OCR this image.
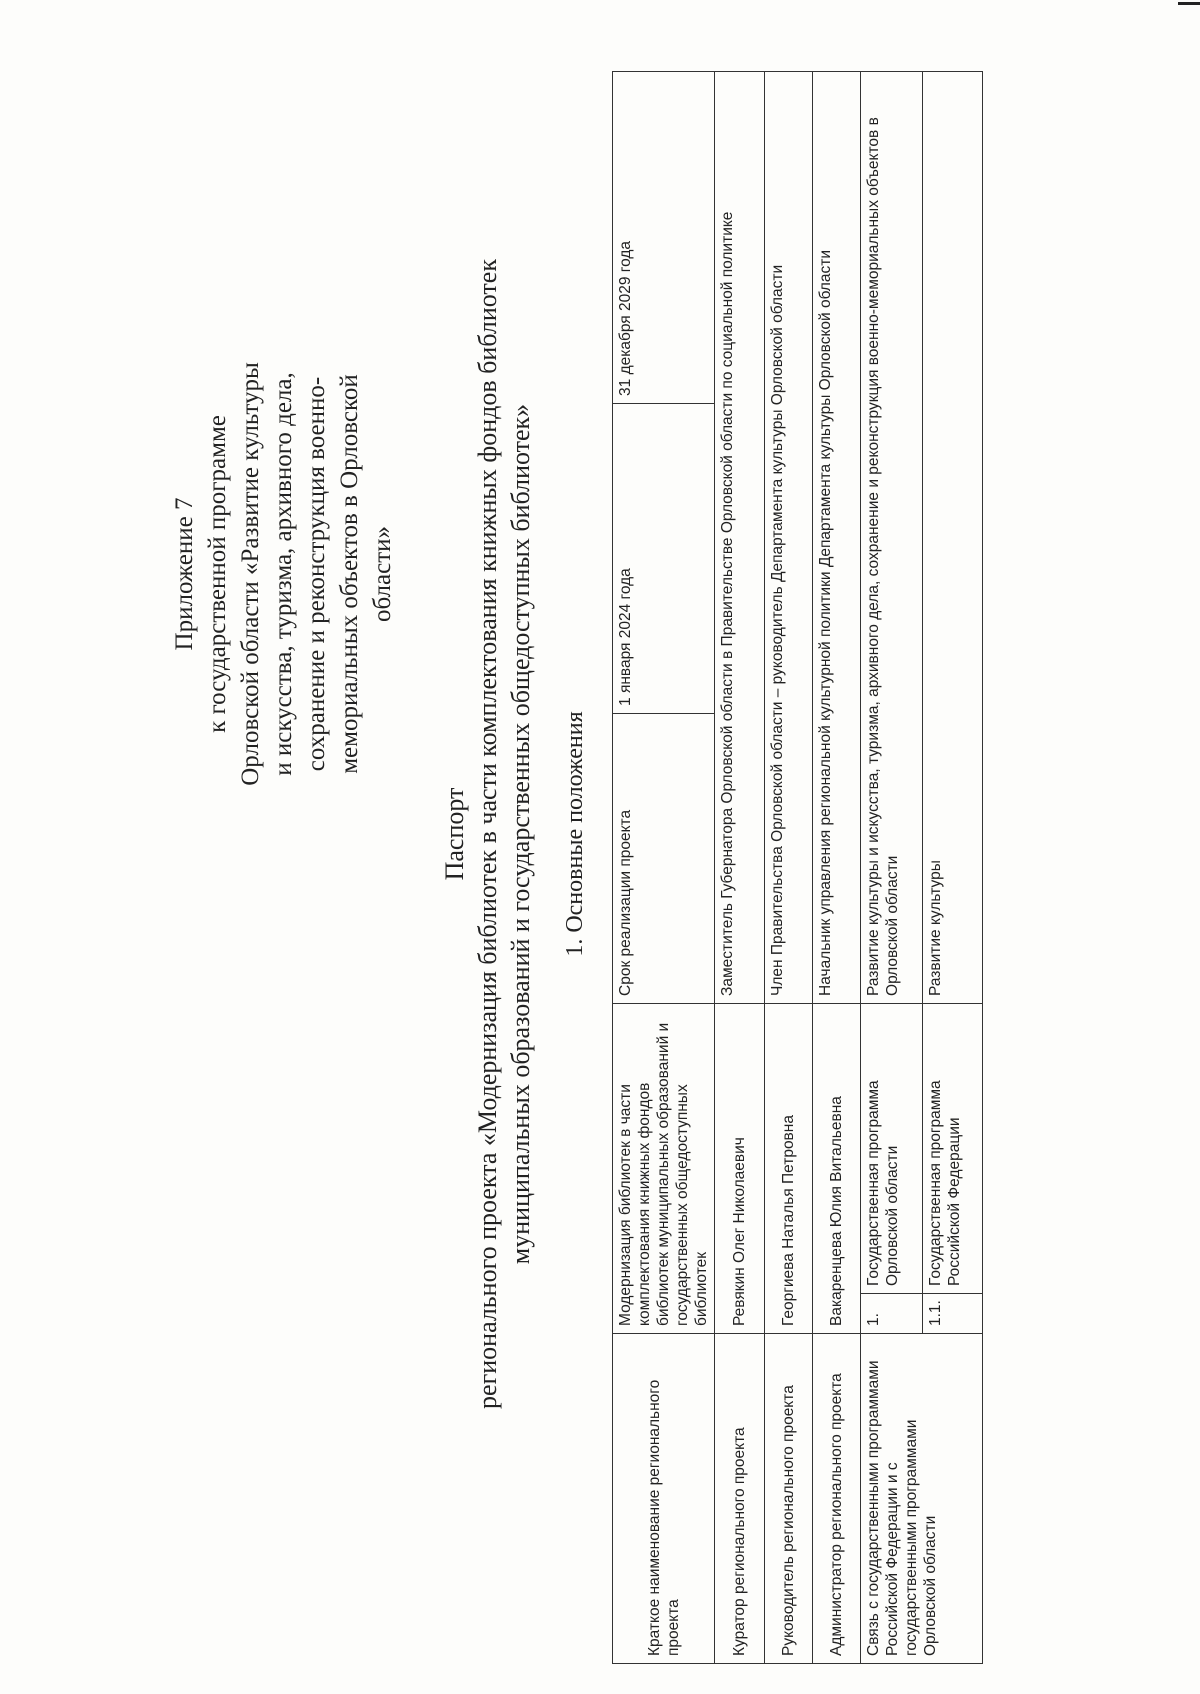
Приложение 7 к государственной программе Орловской области «Развитие культуры и искусства, туризма, архивного дела, сохранение и реконструкция военно- мемориальных объектов в Орловской области»
Паспорт регионального проекта «Модернизация библиотек в части комплектования книжных фондов библиотек муниципальных образований и государственных общедоступных библиотек» 1. Основные положения
Краткое наименование регионального проекта	Модернизация библиотек в части комплектования книжных фондов библиотек муниципальных образований и государственных общедоступных библиотек		Срок реализации проекта	1 января 2024 года	31 декабря 2029 года
Куратор регионального проекта	Ревякин Олег Николаевич		Заместитель Губернатора Орловской области в Правительстве Орловской области по социальной политике		
Руководитель регионального проекта	Георгиева Наталья Петровна		Член Правительства Орловской области – руководитель Департамента культуры Орловской области		
Администратор регионального проекта	Вакаренцева Юлия Витальевна		Начальник управления региональной культурной политики Департамента культуры Орловской области		
Связь с государственными программами Российской Федерации и с государственными программами Орловской области	1.	Государственная программа Орловской области	Развитие культуры и искусства, туризма, архивного дела, сохранение и реконструкция военно-мемориальных объектов в Орловской области		
	1.1.	Государственная программа Российской Федерации	Развитие культуры		
